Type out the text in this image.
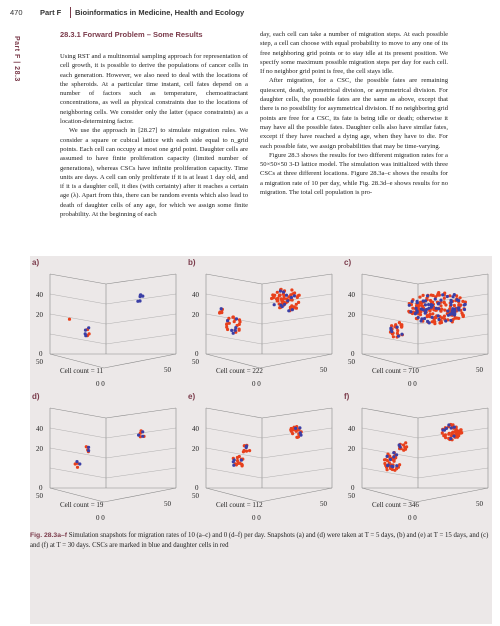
470 Part F Bioinformatics in Medicine, Health and Ecology
Part F | 28.3
28.3.1 Forward Problem – Some Results

Using RST and a multinomial sampling approach for representation of cell growth, it is possible to derive the populations of cancer cells in each generation. However, we also need to deal with the locations of the spheroids. At a particular time instant, cell fates depend on a number of factors such as temperature, chemoattractant concentrations, as well as physical constraints due to the locations of neighboring cells. We consider only the latter (space constraints) as a location-determining factor.

We use the approach in [28.27] to simulate migration rules. We consider a square or cubical lattice with each side equal to n_grid points. Each cell can occupy at most one grid point. Daughter cells are assumed to have finite proliferation capacity (limited number of generations), whereas CSCs have infinite proliferation capacity. Time units are days. A cell can only proliferate if it is at least 1 day old, and if it is a daughter cell, it dies (with certainty) after it reaches a certain age (λ). Apart from this, there can be random events which also lead to death of daughter cells of any age, for which we assign some finite probability. At the beginning of each

day, each cell can take a number of migration steps. At each possible step, a cell can choose with equal probability to move to any one of its free neighboring grid points or to stay idle at its present position. We specify some maximum possible migration steps per day for each cell. If no neighbor grid point is free, the cell stays idle.

After migration, for a CSC, the possible fates are remaining quiescent, death, symmetrical division, or asymmetrical division. For daughter cells, the possible fates are the same as above, except that there is no possibility for asymmetrical division. If no neighboring grid points are free for a CSC, its fate is being idle or death; otherwise it may have all the possible fates. Daughter cells also have similar fates, except if they have reached a dying age, when they have to die. For each possible fate, we assign probabilities that may be time-varying.

Figure 28.3 shows the results for two different migration rates for a 50×50×50 3-D lattice model. The simulation was initialized with three CSCs at three different locations. Figure 28.3a–c shows the results for a migration rate of 10 per day, while Fig. 28.3d–e shows results for no migration. The total cell population is pro-

a)
40
20
0
50
50
0 0
Cell count = 11
b)
40
20
0
50
50
0 0
Cell count = 222
c)
40
20
0
50
50
0 0
Cell count = 710
d)
40
20
0
50
50
0 0
Cell count = 19
e)
40
20
0
50
50
0 0
Cell count = 112
f)
40
20
0
50
50
0 0
Cell count = 346
Fig. 28.3a–f Simulation snapshots for migration rates of 10 (a–c) and 0 (d–f) per day. Snapshots (a) and (d) were taken at T = 5 days, (b) and (e) at T = 15 days, and (c) and (f) at T = 30 days. CSCs are marked in blue and daughter cells in red
